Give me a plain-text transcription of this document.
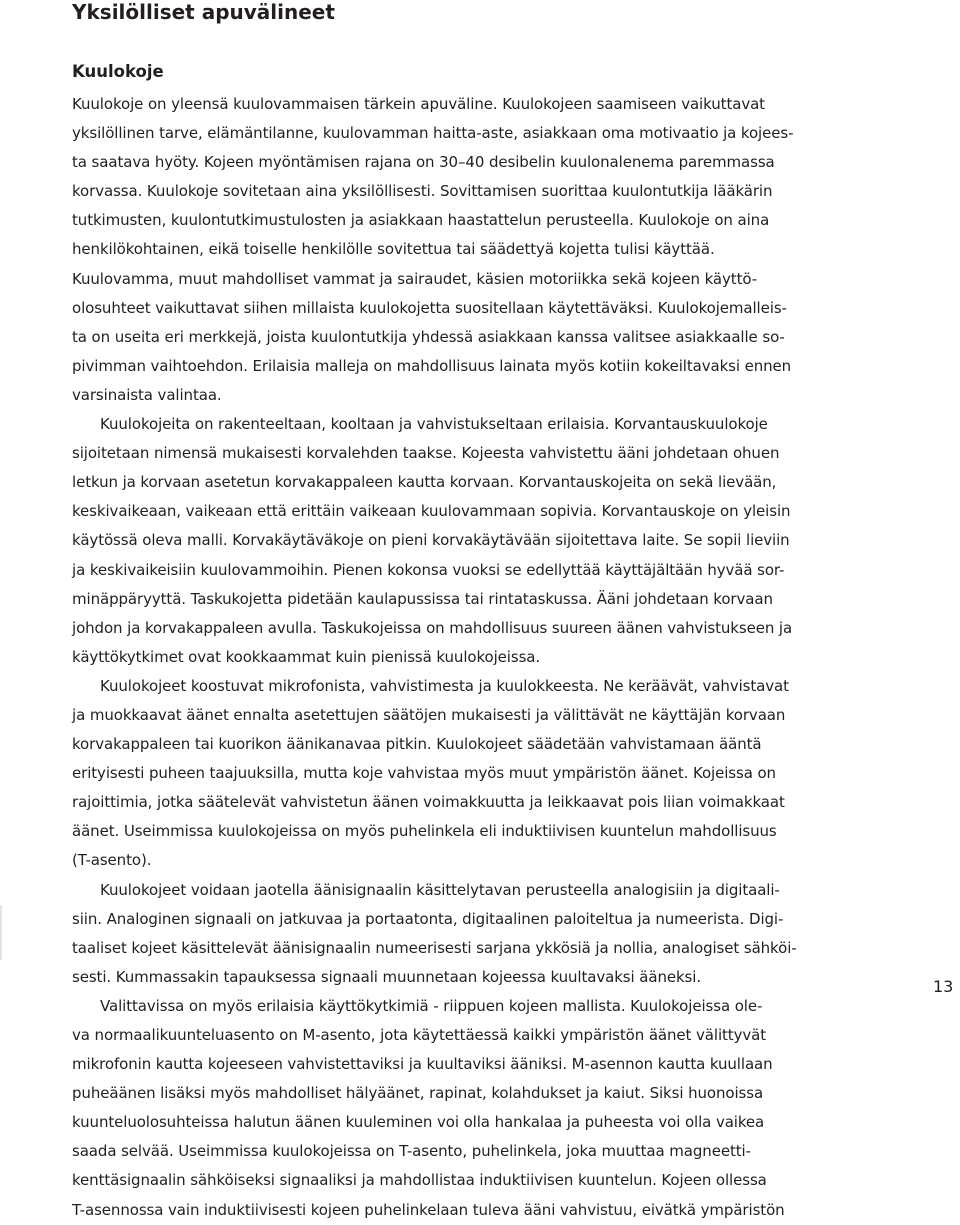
Yksilölliset apuvälineet
Kuulokoje
Kuulokoje on yleensä kuulovammaisen tärkein apuväline. Kuulokojeen saamiseen vaikuttavat
yksilöllinen tarve, elämäntilanne, kuulovamman haitta-aste, asiakkaan oma motivaatio ja kojees-
ta saatava hyöty. Kojeen myöntämisen rajana on 30–40 desibelin kuulonalenema paremmassa
korvassa. Kuulokoje sovitetaan aina yksilöllisesti. Sovittamisen suorittaa kuulontutkija lääkärin
tutkimusten, kuulontutkimustulosten ja asiakkaan haastattelun perusteella. Kuulokoje on aina
henkilökohtainen, eikä toiselle henkilölle sovitettua tai säädettyä kojetta tulisi käyttää.
Kuulovamma, muut mahdolliset vammat ja sairaudet, käsien motoriikka sekä kojeen käyttö-
olosuhteet vaikuttavat siihen millaista kuulokojetta suositellaan käytettäväksi. Kuulokojemalleis-
ta on useita eri merkkejä, joista kuulontutkija yhdessä asiakkaan kanssa valitsee asiakkaalle so-
pivimman vaihtoehdon. Erilaisia malleja on mahdollisuus lainata myös kotiin kokeiltavaksi ennen
varsinaista valintaa.
Kuulokojeita on rakenteeltaan, kooltaan ja vahvistukseltaan erilaisia. Korvantauskuulokoje
sijoitetaan nimensä mukaisesti korvalehden taakse. Kojeesta vahvistettu ääni johdetaan ohuen
letkun ja korvaan asetetun korvakappaleen kautta korvaan. Korvantauskojeita on sekä lievään,
keskivaikeaan, vaikeaan että erittäin vaikeaan kuulovammaan sopivia. Korvantauskoje on yleisin
käytössä oleva malli. Korvakäytäväkoje on pieni korvakäytävään sijoitettava laite. Se sopii lieviin
ja keskivaikeisiin kuulovammoihin. Pienen kokonsa vuoksi se edellyttää käyttäjältään hyvää sor-
minäppäryyttä. Taskukojetta pidetään kaulapussissa tai rintataskussa. Ääni johdetaan korvaan
johdon ja korvakappaleen avulla. Taskukojeissa on mahdollisuus suureen äänen vahvistukseen ja
käyttökytkimet ovat kookkaammat kuin pienissä kuulokojeissa.
Kuulokojeet koostuvat mikrofonista, vahvistimesta ja kuulokkeesta. Ne keräävät, vahvistavat
ja muokkaavat äänet ennalta asetettujen säätöjen mukaisesti ja välittävät ne käyttäjän korvaan
korvakappaleen tai kuorikon äänikanavaa pitkin. Kuulokojeet säädetään vahvistamaan ääntä
erityisesti puheen taajuuksilla, mutta koje vahvistaa myös muut ympäristön äänet. Kojeissa on
rajoittimia, jotka säätelevät vahvistetun äänen voimakkuutta ja leikkaavat pois liian voimakkaat
äänet. Useimmissa kuulokojeissa on myös puhelinkela eli induktiivisen kuuntelun mahdollisuus
(T-asento).
Kuulokojeet voidaan jaotella äänisignaalin käsittelytavan perusteella analogisiin ja digitaali-
siin. Analoginen signaali on jatkuvaa ja portaatonta, digitaalinen paloiteltua ja numeerista. Digi-
taaliset kojeet käsittelevät äänisignaalin numeerisesti sarjana ykkösiä ja nollia, analogiset sähköi-
sesti. Kummassakin tapauksessa signaali muunnetaan kojeessa kuultavaksi ääneksi.
Valittavissa on myös erilaisia käyttökytkimiä - riippuen kojeen mallista. Kuulokojeissa ole-
va normaalikuunteluasento on M-asento, jota käytettäessä kaikki ympäristön äänet välittyvät
mikrofonin kautta kojeeseen vahvistettaviksi ja kuultaviksi ääniksi. M-asennon kautta kuullaan
puheäänen lisäksi myös mahdolliset hälyäänet, rapinat, kolahdukset ja kaiut. Siksi huonoissa
kuunteluolosuhteissa halutun äänen kuuleminen voi olla hankalaa ja puheesta voi olla vaikea
saada selvää. Useimmissa kuulokojeissa on T-asento, puhelinkela, joka muuttaa magneetti-
kenttäsignaalin sähköiseksi signaaliksi ja mahdollistaa induktiivisen kuuntelun. Kojeen ollessa
T-asennossa vain induktiivisesti kojeen puhelinkelaan tuleva ääni vahvistuu, eivätkä ympäristön
13
